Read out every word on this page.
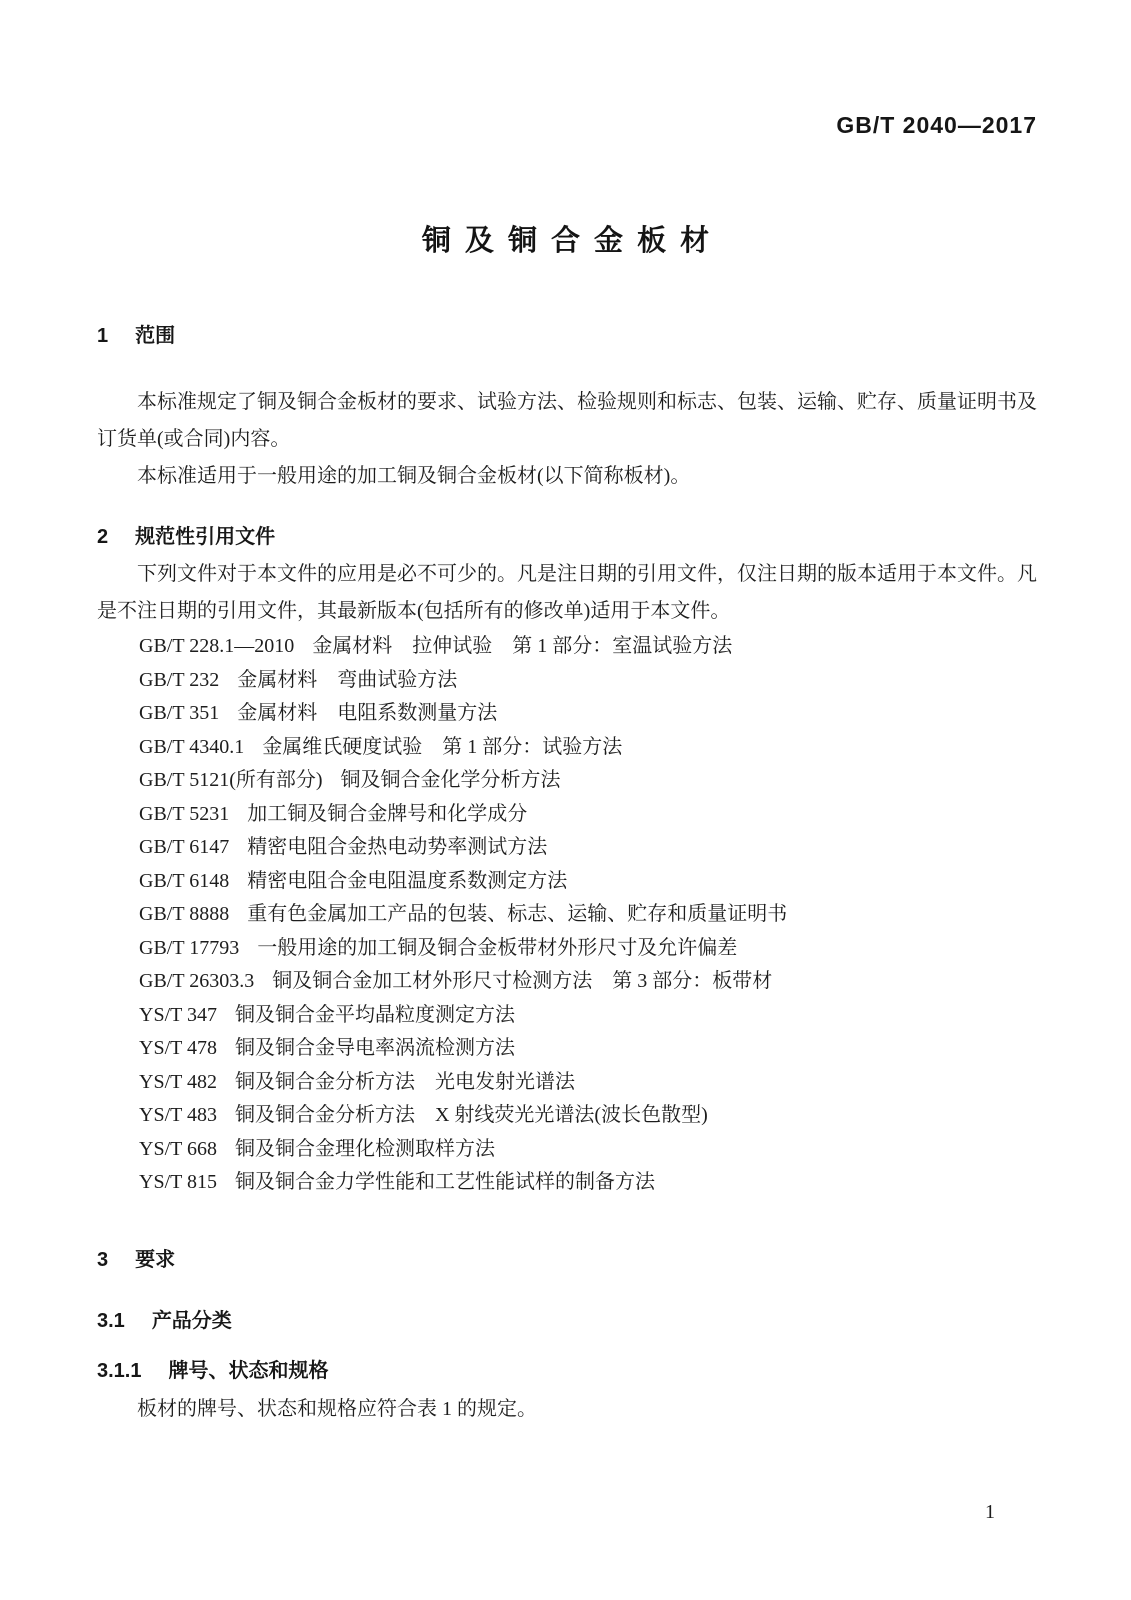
GB/T 2040—2017
铜 及 铜 合 金 板 材
1 范围

本标准规定了铜及铜合金板材的要求、试验方法、检验规则和标志、包装、运输、贮存、质量证明书及订货单(或合同)内容。

本标准适用于一般用途的加工铜及铜合金板材(以下简称板材)。

2 规范性引用文件

下列文件对于本文件的应用是必不可少的。凡是注日期的引用文件，仅注日期的版本适用于本文件。凡是不注日期的引用文件，其最新版本(包括所有的修改单)适用于本文件。

GB/T 228.1—2010 金属材料　拉伸试验　第 1 部分：室温试验方法
GB/T 232 金属材料　弯曲试验方法
GB/T 351 金属材料　电阻系数测量方法
GB/T 4340.1 金属维氏硬度试验　第 1 部分：试验方法
GB/T 5121(所有部分) 铜及铜合金化学分析方法
GB/T 5231 加工铜及铜合金牌号和化学成分
GB/T 6147 精密电阻合金热电动势率测试方法
GB/T 6148 精密电阻合金电阻温度系数测定方法
GB/T 8888 重有色金属加工产品的包装、标志、运输、贮存和质量证明书
GB/T 17793 一般用途的加工铜及铜合金板带材外形尺寸及允许偏差
GB/T 26303.3 铜及铜合金加工材外形尺寸检测方法　第 3 部分：板带材
YS/T 347 铜及铜合金平均晶粒度测定方法
YS/T 478 铜及铜合金导电率涡流检测方法
YS/T 482 铜及铜合金分析方法　光电发射光谱法
YS/T 483 铜及铜合金分析方法　X 射线荧光光谱法(波长色散型)
YS/T 668 铜及铜合金理化检测取样方法
YS/T 815 铜及铜合金力学性能和工艺性能试样的制备方法
3 要求
3.1 产品分类
3.1.1 牌号、状态和规格

板材的牌号、状态和规格应符合表 1 的规定。

1
